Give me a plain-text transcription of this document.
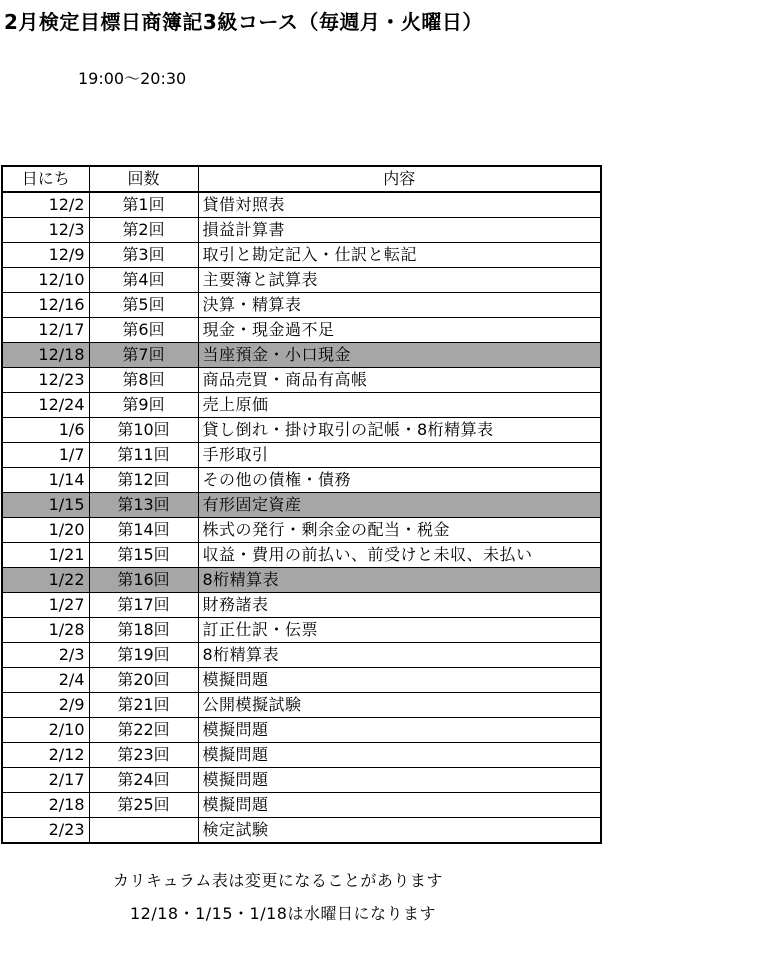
2月検定目標日商簿記3級コース（毎週月・火曜日）
19:00～20:30
日にち	回数	内容
12/2	第1回	貸借対照表
12/3	第2回	損益計算書
12/9	第3回	取引と勘定記入・仕訳と転記
12/10	第4回	主要簿と試算表
12/16	第5回	決算・精算表
12/17	第6回	現金・現金過不足
12/18	第7回	当座預金・小口現金
12/23	第8回	商品売買・商品有高帳
12/24	第9回	売上原価
1/6	第10回	貸し倒れ・掛け取引の記帳・8桁精算表
1/7	第11回	手形取引
1/14	第12回	その他の債権・債務
1/15	第13回	有形固定資産
1/20	第14回	株式の発行・剰余金の配当・税金
1/21	第15回	収益・費用の前払い、前受けと未収、未払い
1/22	第16回	8桁精算表
1/27	第17回	財務諸表
1/28	第18回	訂正仕訳・伝票
2/3	第19回	8桁精算表
2/4	第20回	模擬問題
2/9	第21回	公開模擬試験
2/10	第22回	模擬問題
2/12	第23回	模擬問題
2/17	第24回	模擬問題
2/18	第25回	模擬問題
2/23		検定試験
カリキュラム表は変更になることがあります
12/18・1/15・1/18は水曜日になります
